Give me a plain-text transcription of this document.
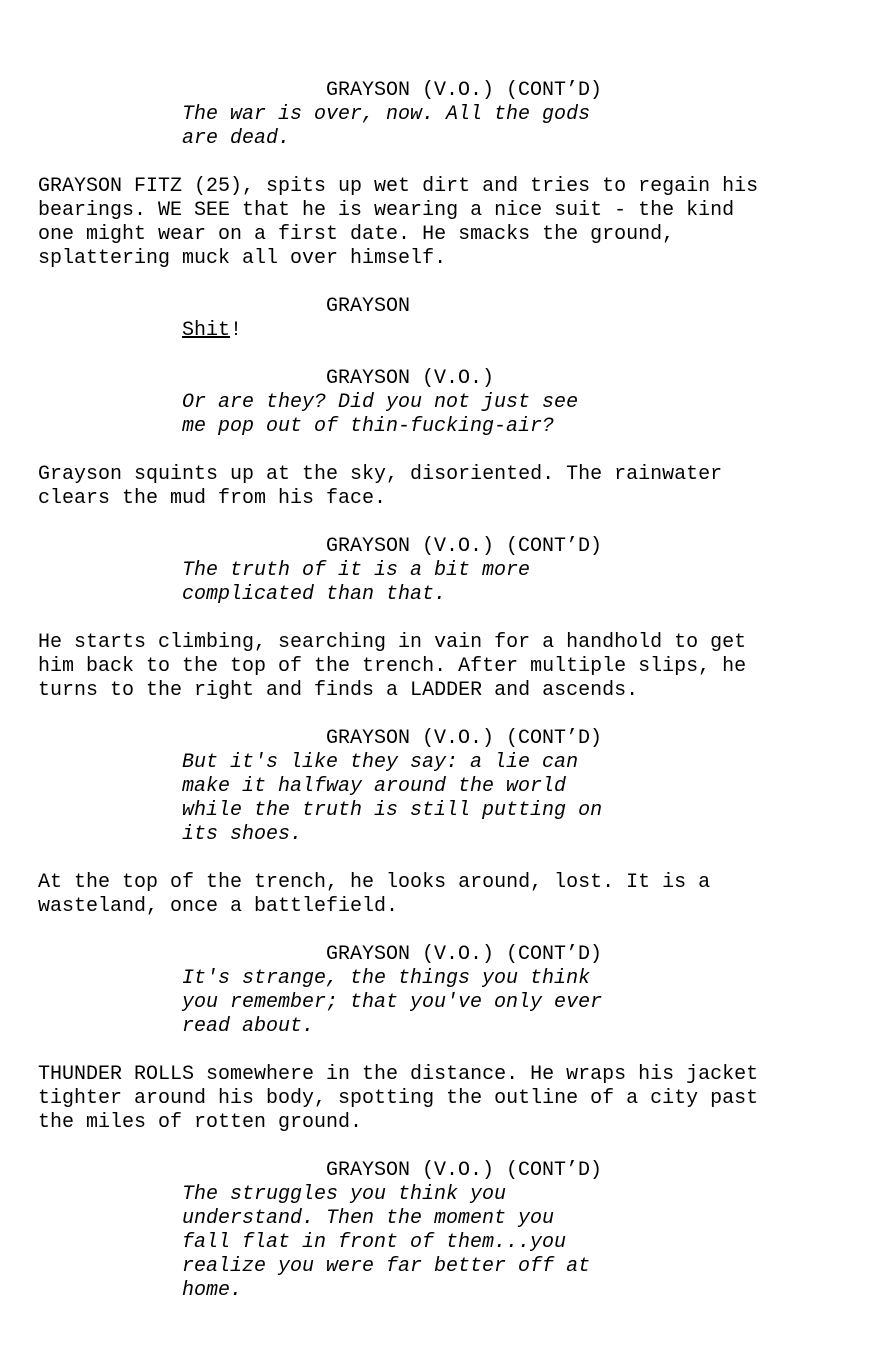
GRAYSON (V.O.) (CONT’D)
The war is over, now. All the gods
are dead.
GRAYSON FITZ (25), spits up wet dirt and tries to regain his
bearings. WE SEE that he is wearing a nice suit - the kind
one might wear on a first date. He smacks the ground,
splattering muck all over himself.
GRAYSON
Shit!
GRAYSON (V.O.)
Or are they? Did you not just see
me pop out of thin-fucking-air?
Grayson squints up at the sky, disoriented. The rainwater
clears the mud from his face.
GRAYSON (V.O.) (CONT’D)
The truth of it is a bit more
complicated than that.
He starts climbing, searching in vain for a handhold to get
him back to the top of the trench. After multiple slips, he
turns to the right and finds a LADDER and ascends.
GRAYSON (V.O.) (CONT’D)
But it's like they say: a lie can
make it halfway around the world
while the truth is still putting on
its shoes.
At the top of the trench, he looks around, lost. It is a
wasteland, once a battlefield.
GRAYSON (V.O.) (CONT’D)
It's strange, the things you think
you remember; that you've only ever
read about.
THUNDER ROLLS somewhere in the distance. He wraps his jacket
tighter around his body, spotting the outline of a city past
the miles of rotten ground.
GRAYSON (V.O.) (CONT’D)
The struggles you think you
understand. Then the moment you
fall flat in front of them...you
realize you were far better off at
home.
